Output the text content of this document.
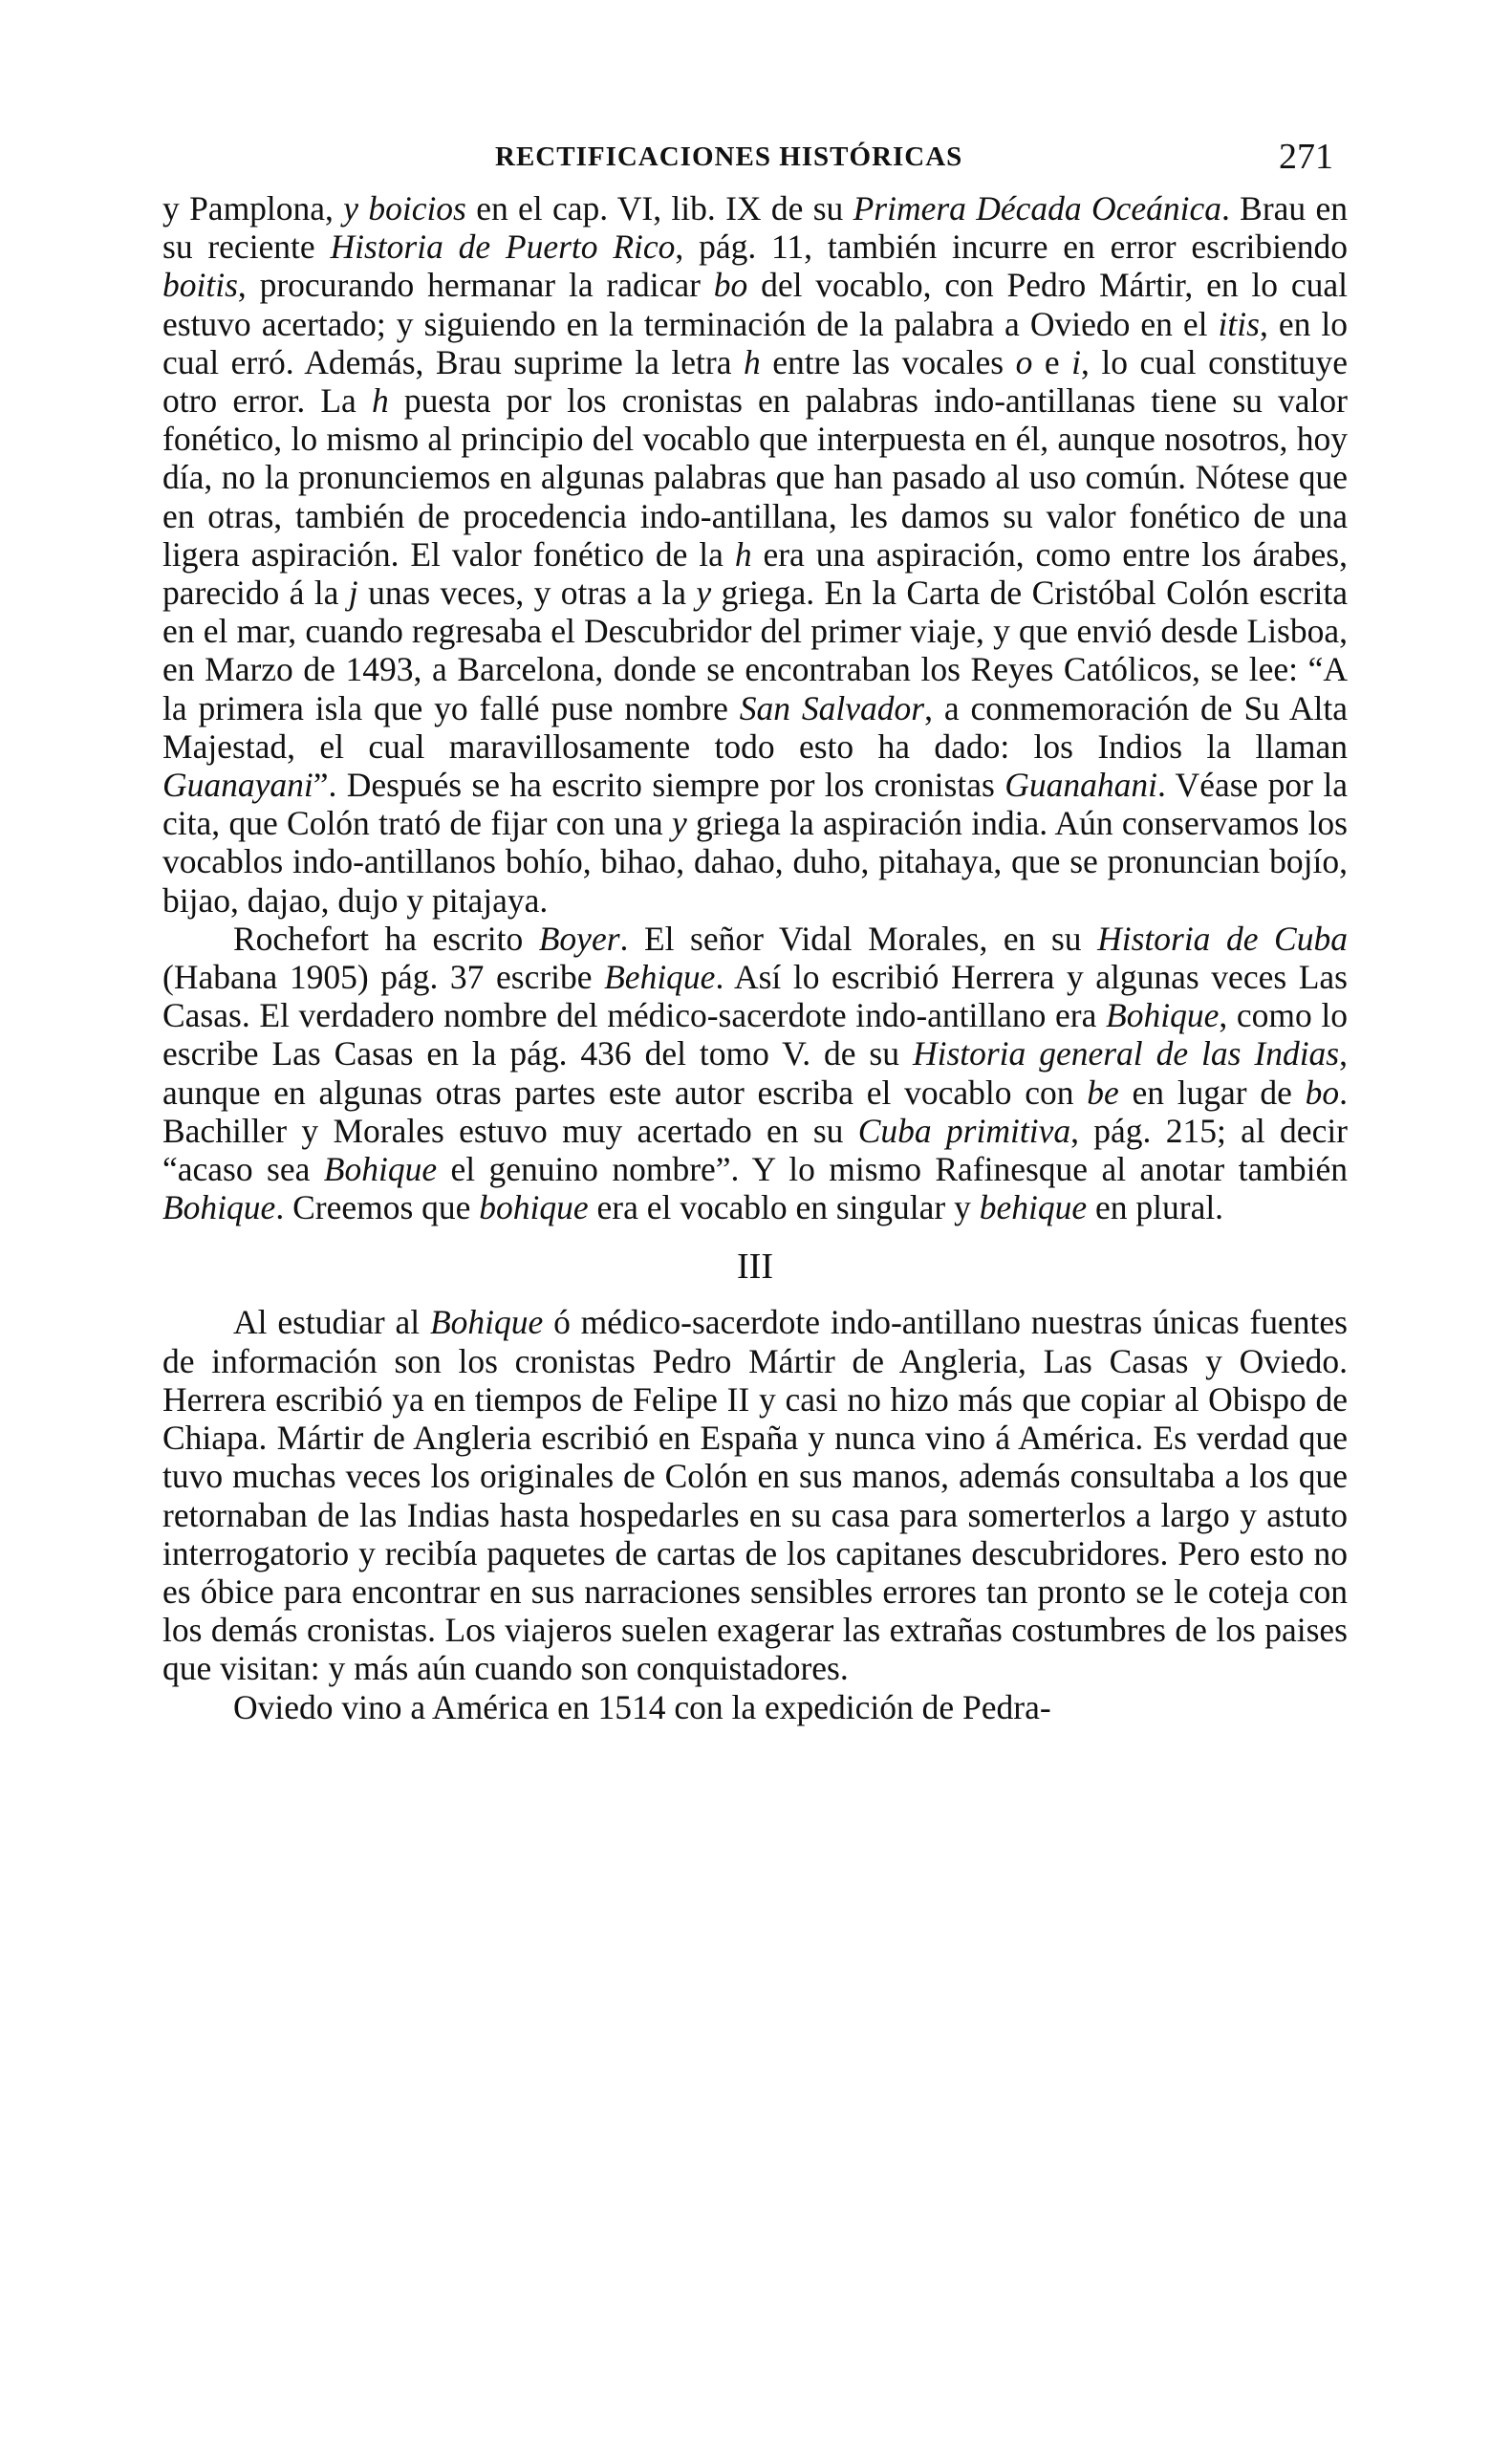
RECTIFICACIONES HISTÓRICAS	271

y Pamplona, y boicios en el cap. VI, lib. IX de su Primera Década Oceánica. Brau en su reciente Historia de Puerto Rico, pág. 11, también incurre en error escribiendo boitis, procurando hermanar la radicar bo del vocablo, con Pedro Mártir, en lo cual estuvo acertado; y siguiendo en la terminación de la palabra a Oviedo en el itis, en lo cual erró. Además, Brau suprime la letra h entre las vocales o e i, lo cual constituye otro error. La h puesta por los cronistas en palabras indo-antillanas tiene su valor fonético, lo mismo al principio del vocablo que interpuesta en él, aunque nosotros, hoy día, no la pronunciemos en algunas palabras que han pasado al uso común. Nótese que en otras, también de procedencia indo-antillana, les damos su valor fonético de una ligera aspiración. El valor fonético de la h era una aspiración, como entre los árabes, parecido á la j unas veces, y otras a la y griega. En la Carta de Cristóbal Colón escrita en el mar, cuando regresaba el Descubridor del primer viaje, y que envió desde Lisboa, en Marzo de 1493, a Barcelona, donde se encontraban los Reyes Católicos, se lee: “A la primera isla que yo fallé puse nombre San Salvador, a conmemoración de Su Alta Majestad, el cual maravillosamente todo esto ha dado: los Indios la llaman Guanayani”. Después se ha escrito siempre por los cronistas Guanahani. Véase por la cita, que Colón trató de fijar con una y griega la aspiración india. Aún conservamos los vocablos indo-antillanos bohío, bihao, dahao, duho, pitahaya, que se pronuncian bojío, bijao, dajao, dujo y pitajaya.

Rochefort ha escrito Boyer. El señor Vidal Morales, en su Historia de Cuba (Habana 1905) pág. 37 escribe Behique. Así lo escribió Herrera y algunas veces Las Casas. El verdadero nombre del médico-sacerdote indo-antillano era Bohique, como lo escribe Las Casas en la pág. 436 del tomo V. de su Historia general de las Indias, aunque en algunas otras partes este autor escriba el vocablo con be en lugar de bo. Bachiller y Morales estuvo muy acertado en su Cuba primitiva, pág. 215; al decir “acaso sea Bohique el genuino nombre”. Y lo mismo Rafinesque al anotar también Bohique. Creemos que bohique era el vocablo en singular y behique en plural.

III

Al estudiar al Bohique ó médico-sacerdote indo-antillano nuestras únicas fuentes de información son los cronistas Pedro Mártir de Angleria, Las Casas y Oviedo. Herrera escribió ya en tiempos de Felipe II y casi no hizo más que copiar al Obispo de Chiapa. Mártir de Angleria escribió en España y nunca vino á América. Es verdad que tuvo muchas veces los originales de Colón en sus manos, además consultaba a los que retornaban de las Indias hasta hospedarles en su casa para somerterlos a largo y astuto interrogatorio y recibía paquetes de cartas de los capitanes descubridores. Pero esto no es óbice para encontrar en sus narraciones sensibles errores tan pronto se le coteja con los demás cronistas. Los viajeros suelen exagerar las extrañas costumbres de los paises que visitan: y más aún cuando son conquistadores.

Oviedo vino a América en 1514 con la expedición de Pedra-
